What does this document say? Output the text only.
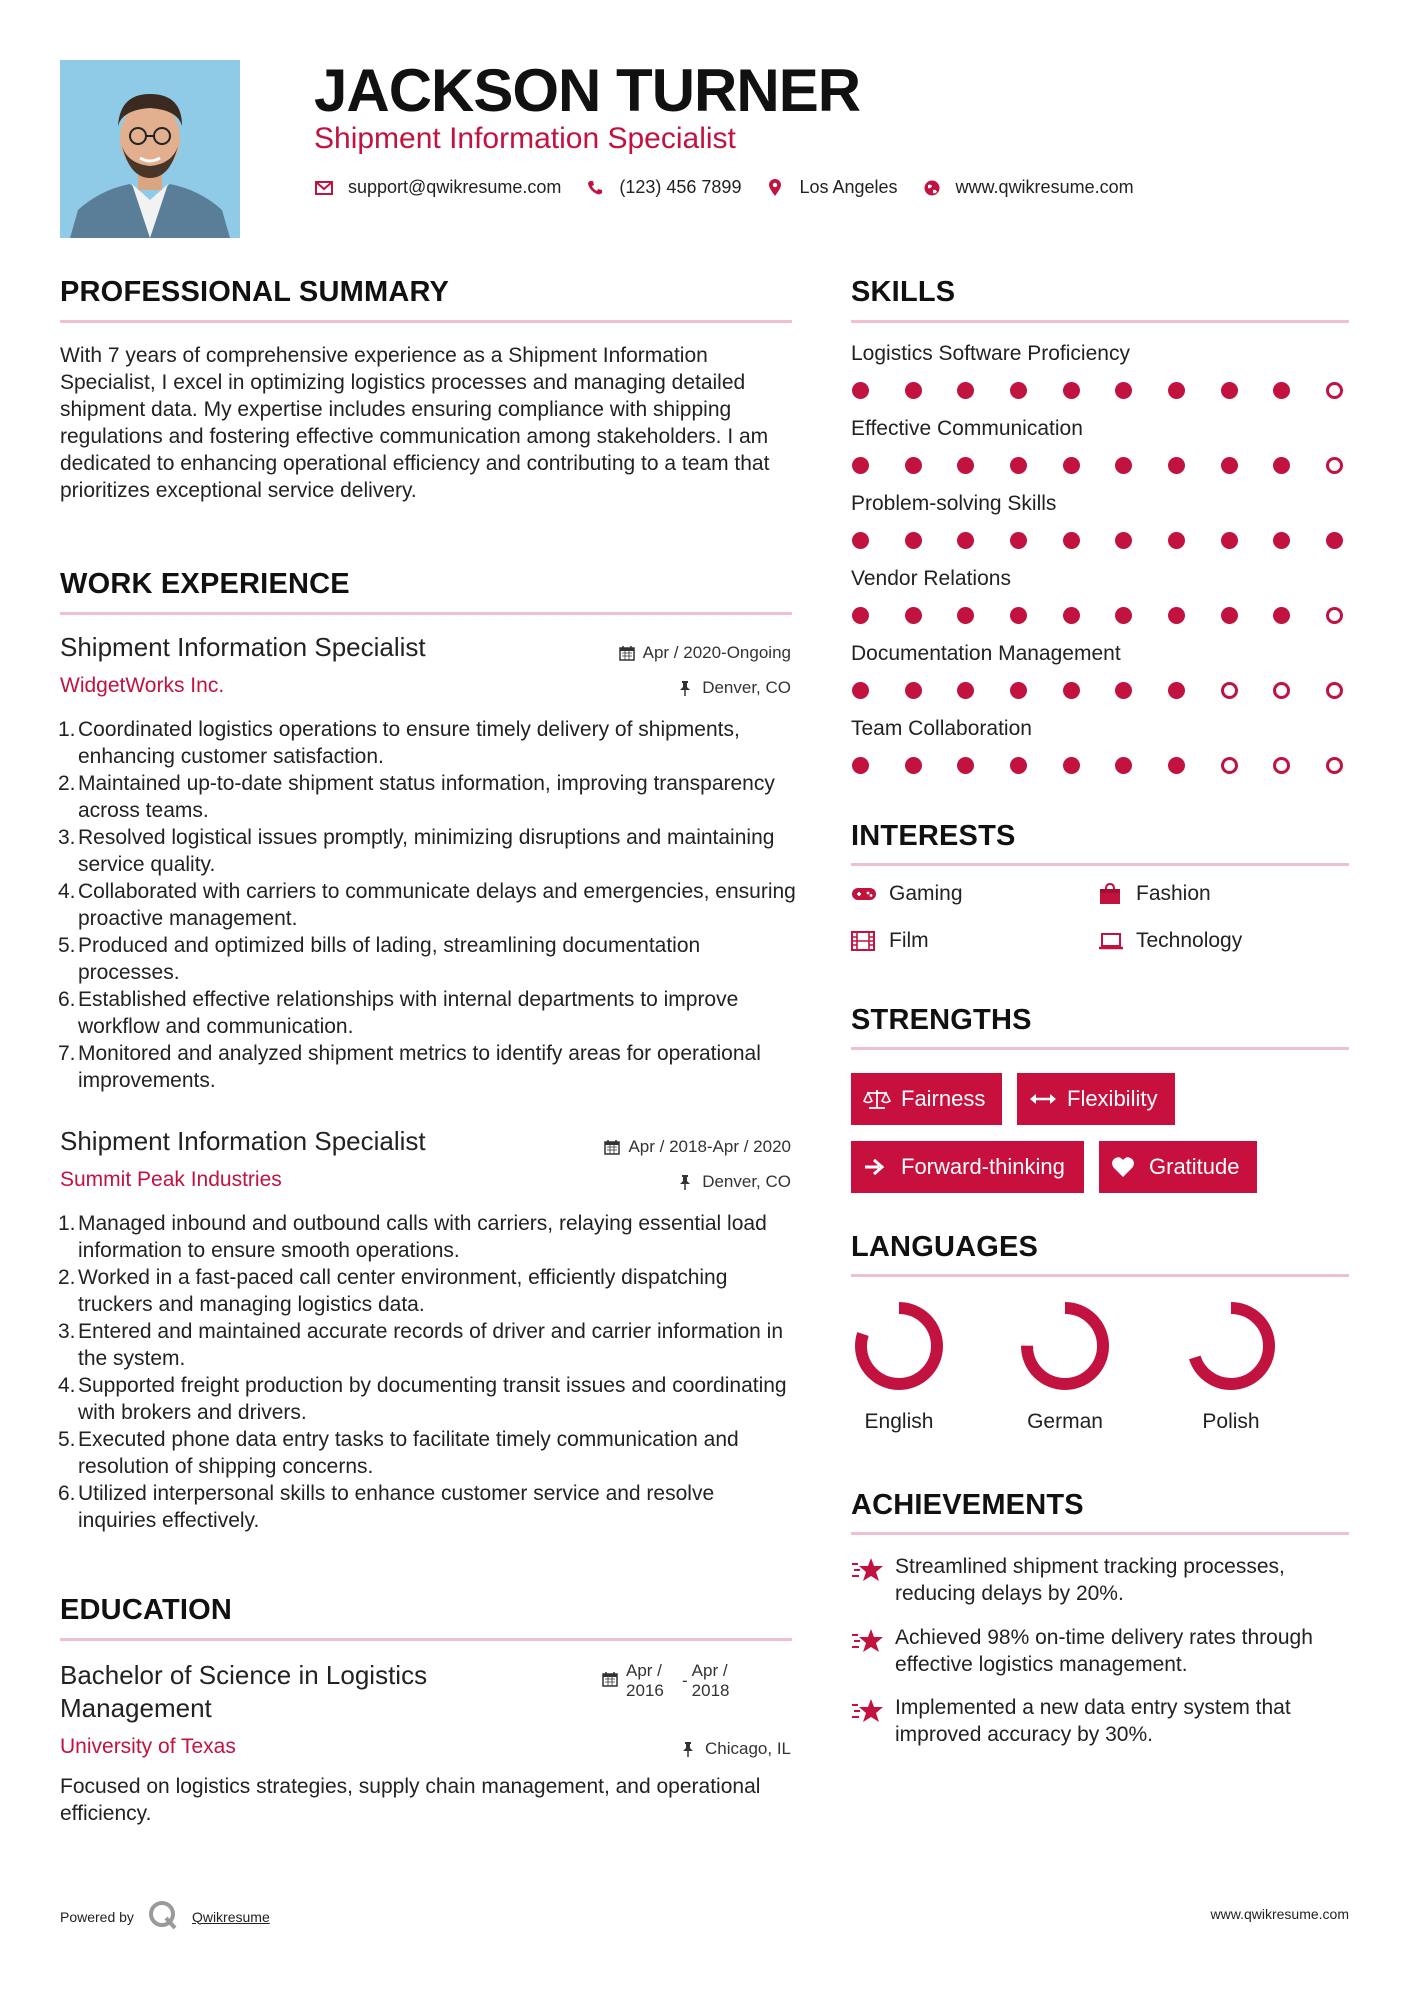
JACKSON TURNER
Shipment Information Specialist
support@qwikresume.com	(123) 456 7899	Los Angeles	www.qwikresume.com
PROFESSIONAL SUMMARY
With 7 years of comprehensive experience as a Shipment Information Specialist, I excel in optimizing logistics processes and managing detailed shipment data. My expertise includes ensuring compliance with shipping regulations and fostering effective communication among stakeholders. I am dedicated to enhancing operational efficiency and contributing to a team that prioritizes exceptional service delivery.
WORK EXPERIENCE
Shipment Information Specialist	Apr / 2020-Ongoing
WidgetWorks Inc.	Denver, CO
1. Coordinated logistics operations to ensure timely delivery of shipments, enhancing customer satisfaction.
2. Maintained up-to-date shipment status information, improving transparency across teams.
3. Resolved logistical issues promptly, minimizing disruptions and maintaining service quality.
4. Collaborated with carriers to communicate delays and emergencies, ensuring proactive management.
5. Produced and optimized bills of lading, streamlining documentation processes.
6. Established effective relationships with internal departments to improve workflow and communication.
7. Monitored and analyzed shipment metrics to identify areas for operational improvements.
Shipment Information Specialist	Apr / 2018-Apr / 2020
Summit Peak Industries	Denver, CO
1. Managed inbound and outbound calls with carriers, relaying essential load information to ensure smooth operations.
2. Worked in a fast-paced call center environment, efficiently dispatching truckers and managing logistics data.
3. Entered and maintained accurate records of driver and carrier information in the system.
4. Supported freight production by documenting transit issues and coordinating with brokers and drivers.
5. Executed phone data entry tasks to facilitate timely communication and resolution of shipping concerns.
6. Utilized interpersonal skills to enhance customer service and resolve inquiries effectively.
EDUCATION
Bachelor of Science in Logistics Management
Apr / 2016
-
Apr / 2018
University of Texas	Chicago, IL
Focused on logistics strategies, supply chain management, and operational efficiency.
SKILLS
Logistics Software Proficiency
Effective Communication
Problem-solving Skills
Vendor Relations
Documentation Management
Team Collaboration
INTERESTS
Gaming	Fashion
Film	Technology
STRENGTHS
Fairness	Flexibility
Forward-thinking	Gratitude
LANGUAGES
English	German	Polish
ACHIEVEMENTS
Streamlined shipment tracking processes, reducing delays by 20%.
Achieved 98% on-time delivery rates through effective logistics management.
Implemented a new data entry system that improved accuracy by 30%.
Powered by	Qwikresume	www.qwikresume.com
